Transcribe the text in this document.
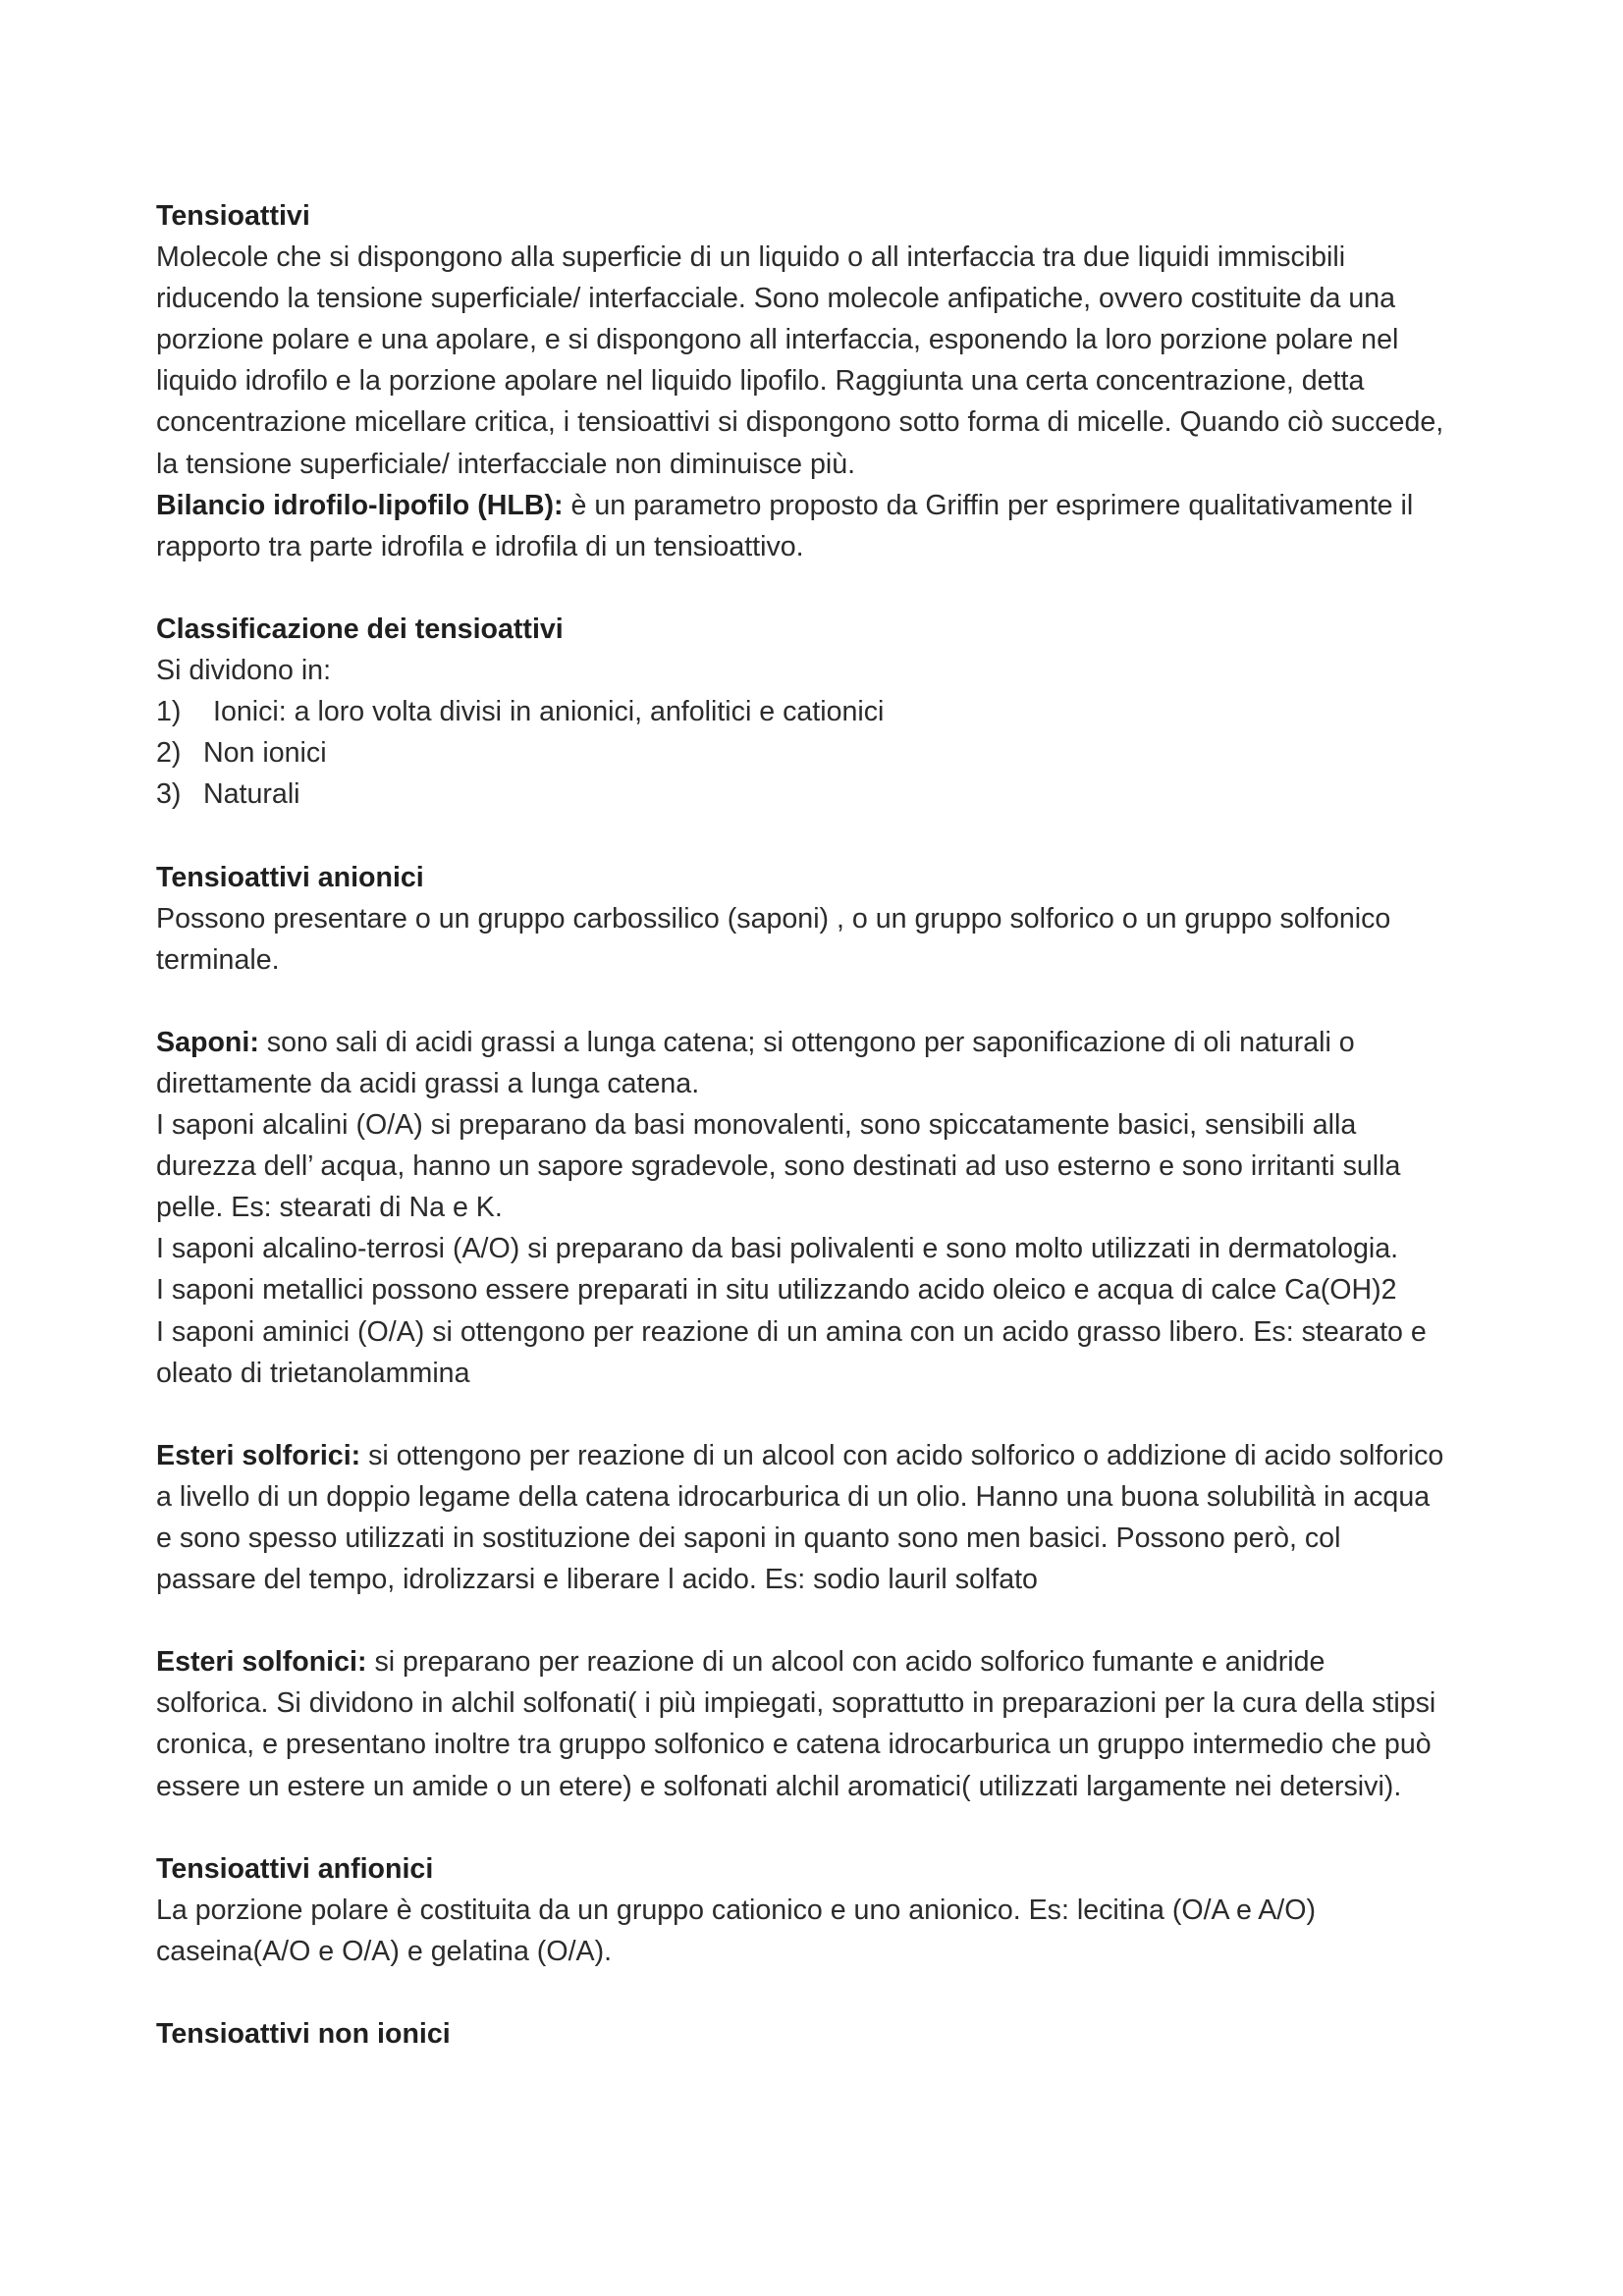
Tensioattivi
Molecole che si dispongono alla superficie di un liquido o all interfaccia tra due liquidi immiscibili
riducendo la tensione superficiale/ interfacciale. Sono molecole anfipatiche, ovvero costituite da una
porzione polare e una apolare, e si dispongono all interfaccia, esponendo la loro porzione polare nel
liquido idrofilo e la porzione apolare nel liquido lipofilo. Raggiunta una certa concentrazione, detta
concentrazione micellare critica, i tensioattivi si dispongono sotto forma di micelle. Quando ciò succede,
la tensione superficiale/ interfacciale non diminuisce più.
Bilancio idrofilo-lipofilo (HLB): è un parametro proposto da Griffin per esprimere qualitativamente il
rapporto tra parte idrofila e idrofila di un tensioattivo.
Classificazione dei tensioattivi
Si dividono in:
1) Ionici: a loro volta divisi in anionici, anfolitici e cationici
2) Non ionici
3) Naturali
Tensioattivi anionici
Possono presentare o un gruppo carbossilico (saponi) , o un gruppo solforico o un gruppo solfonico
terminale.
Saponi: sono sali di acidi grassi a lunga catena; si ottengono per saponificazione di oli naturali o
direttamente da acidi grassi a lunga catena.
I saponi alcalini (O/A) si preparano da basi monovalenti, sono spiccatamente basici, sensibili alla
durezza dell’ acqua, hanno un sapore sgradevole, sono destinati ad uso esterno e sono irritanti sulla
pelle. Es: stearati di Na e K.
I saponi alcalino-terrosi (A/O) si preparano da basi polivalenti e sono molto utilizzati in dermatologia.
I saponi metallici possono essere preparati in situ utilizzando acido oleico e acqua di calce Ca(OH)2
I saponi aminici (O/A) si ottengono per reazione di un amina con un acido grasso libero. Es: stearato e
oleato di trietanolammina
Esteri solforici: si ottengono per reazione di un alcool con acido solforico o addizione di acido solforico
a livello di un doppio legame della catena idrocarburica di un olio. Hanno una buona solubilità in acqua
e sono spesso utilizzati in sostituzione dei saponi in quanto sono men basici. Possono però, col
passare del tempo, idrolizzarsi e liberare l acido. Es: sodio lauril solfato
Esteri solfonici: si preparano per reazione di un alcool con acido solforico fumante e anidride
solforica. Si dividono in alchil solfonati( i più impiegati, soprattutto in preparazioni per la cura della stipsi
cronica, e presentano inoltre tra gruppo solfonico e catena idrocarburica un gruppo intermedio che può
essere un estere un amide o un etere) e solfonati alchil aromatici( utilizzati largamente nei detersivi).
Tensioattivi anfionici
La porzione polare è costituita da un gruppo cationico e uno anionico. Es: lecitina (O/A e A/O)
caseina(A/O e O/A) e gelatina (O/A).
Tensioattivi non ionici
